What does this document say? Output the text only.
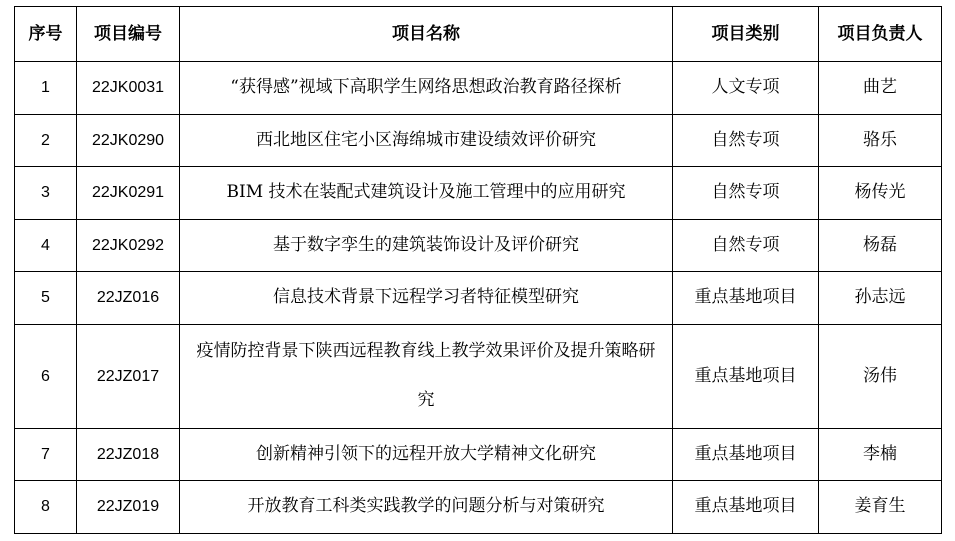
序号	项目编号	项目名称	项目类别	项目负责人
1	22JK0031	“获得感”视域下高职学生网络思想政治教育路径探析	人文专项	曲艺
2	22JK0290	西北地区住宅小区海绵城市建设绩效评价研究	自然专项	骆乐
3	22JK0291	BIM 技术在装配式建筑设计及施工管理中的应用研究	自然专项	杨传光
4	22JK0292	基于数字孪生的建筑装饰设计及评价研究	自然专项	杨磊
5	22JZ016	信息技术背景下远程学习者特征模型研究	重点基地项目	孙志远
6	22JZ017	疫情防控背景下陕西远程教育线上教学效果评价及提升策略研究	重点基地项目	汤伟
7	22JZ018	创新精神引领下的远程开放大学精神文化研究	重点基地项目	李楠
8	22JZ019	开放教育工科类实践教学的问题分析与对策研究	重点基地项目	姜育生
